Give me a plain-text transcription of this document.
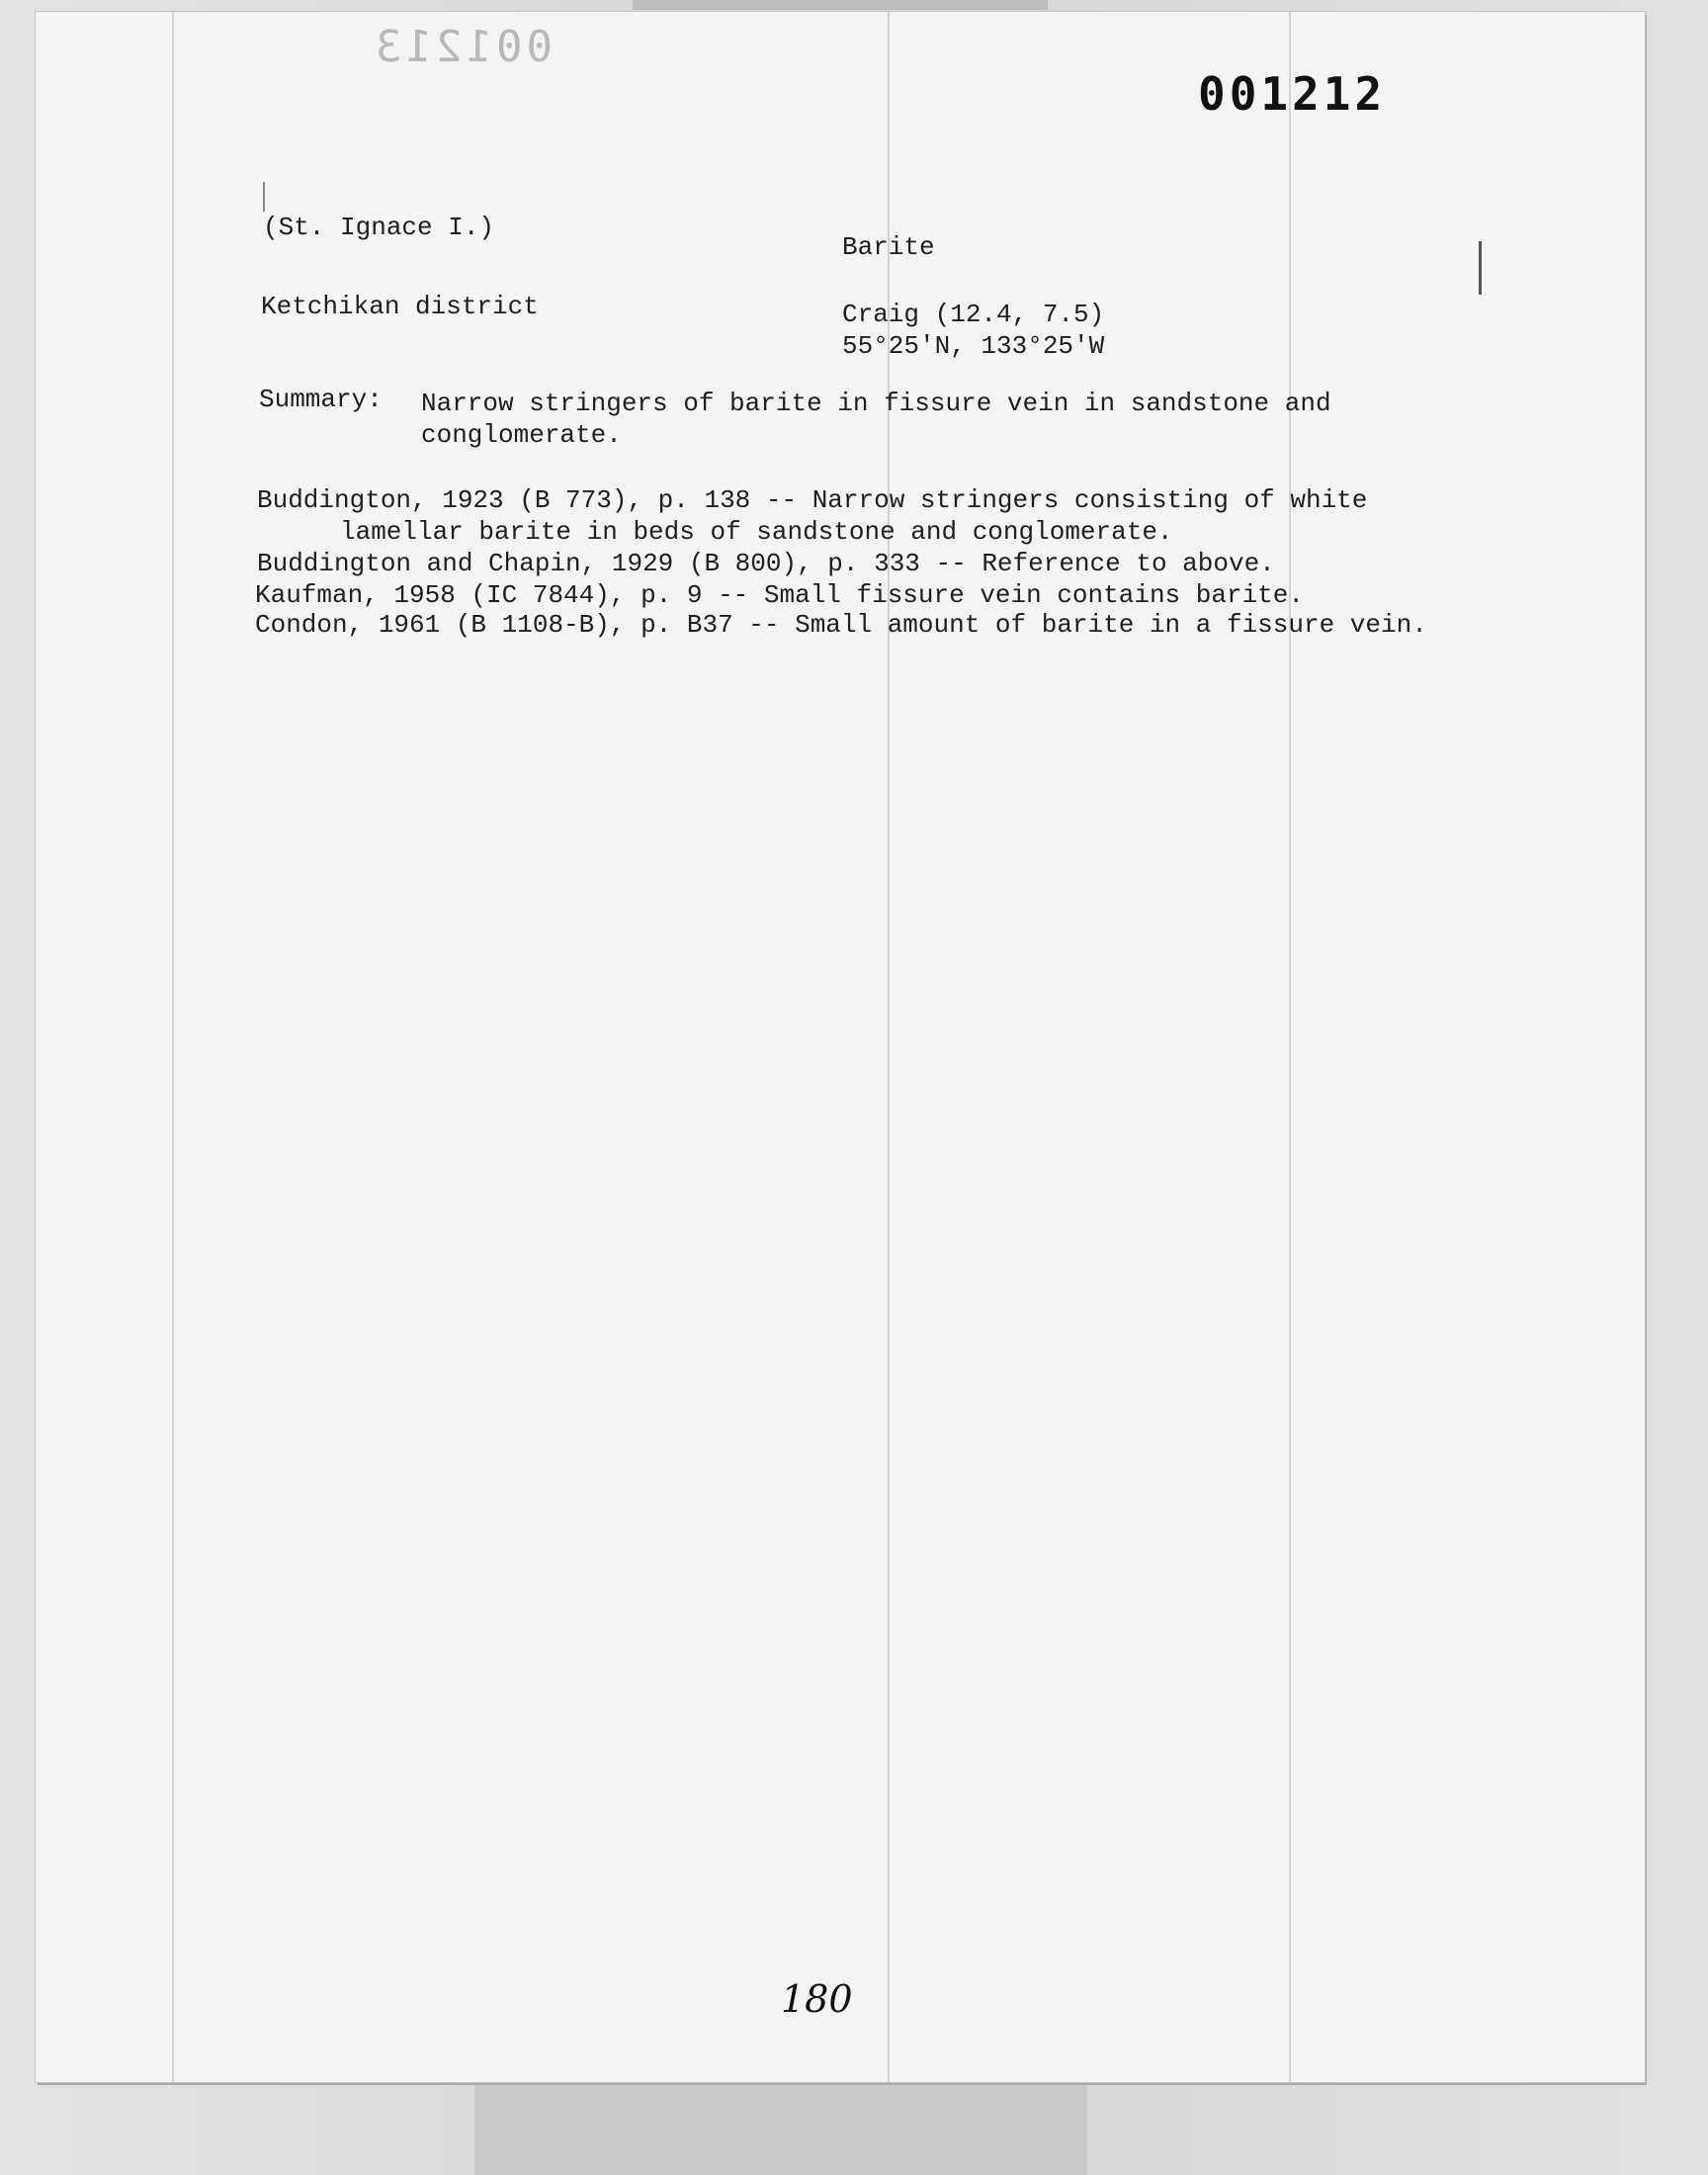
001213
001212
(St. Ignace I.)
Ketchikan district
Barite
Craig (12.4, 7.5)
55°25'N, 133°25'W
Summary: Narrow stringers of barite in fissure vein in sandstone and
conglomerate.
Buddington, 1923 (B 773), p. 138 -- Narrow stringers consisting of white
lamellar barite in beds of sandstone and conglomerate.
Buddington and Chapin, 1929 (B 800), p. 333 -- Reference to above.
Kaufman, 1958 (IC 7844), p. 9 -- Small fissure vein contains barite.
Condon, 1961 (B 1108-B), p. B37 -- Small amount of barite in a fissure vein.
180
